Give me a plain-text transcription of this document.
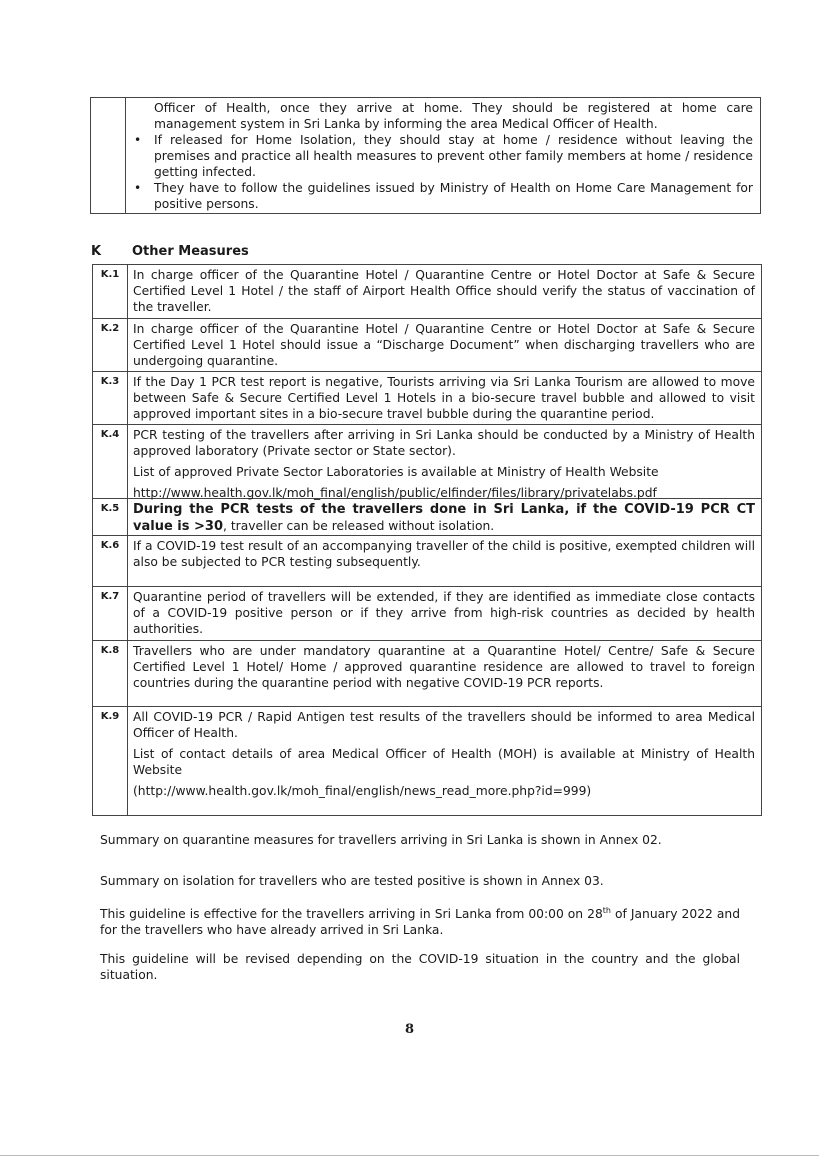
Officer of Health, once they arrive at home. They should be registered at home care management system in Sri Lanka by informing the area Medical Officer of Health.
• If released for Home Isolation, they should stay at home / residence without leaving the premises and practice all health measures to prevent other family members at home / residence getting infected.
• They have to follow the guidelines issued by Ministry of Health on Home Care Management for positive persons.
K Other Measures
K.1	In charge officer of the Quarantine Hotel / Quarantine Centre or Hotel Doctor at Safe & Secure Certified Level 1 Hotel / the staff of Airport Health Office should verify the status of vaccination of the traveller.
K.2	In charge officer of the Quarantine Hotel / Quarantine Centre or Hotel Doctor at Safe & Secure Certified Level 1 Hotel should issue a “Discharge Document” when discharging travellers who are undergoing quarantine.
K.3	If the Day 1 PCR test report is negative, Tourists arriving via Sri Lanka Tourism are allowed to move between Safe & Secure Certified Level 1 Hotels in a bio-secure travel bubble and allowed to visit approved important sites in a bio-secure travel bubble during the quarantine period.
K.4	PCR testing of the travellers after arriving in Sri Lanka should be conducted by a Ministry of Health approved laboratory (Private sector or State sector).

List of approved Private Sector Laboratories is available at Ministry of Health Website

http://www.health.gov.lk/moh_final/english/public/elfinder/files/library/privatelabs.pdf

K.5	During the PCR tests of the travellers done in Sri Lanka, if the COVID-19 PCR CT value is >30, traveller can be released without isolation.
K.6	If a COVID-19 test result of an accompanying traveller of the child is positive, exempted children will also be subjected to PCR testing subsequently.
K.7	Quarantine period of travellers will be extended, if they are identified as immediate close contacts of a COVID-19 positive person or if they arrive from high-risk countries as decided by health authorities.
K.8	Travellers who are under mandatory quarantine at a Quarantine Hotel/ Centre/ Safe & Secure Certified Level 1 Hotel/ Home / approved quarantine residence are allowed to travel to foreign countries during the quarantine period with negative COVID-19 PCR reports.
K.9	All COVID-19 PCR / Rapid Antigen test results of the travellers should be informed to area Medical Officer of Health.

List of contact details of area Medical Officer of Health (MOH) is available at Ministry of Health Website

(http://www.health.gov.lk/moh_final/english/news_read_more.php?id=999)

Summary on quarantine measures for travellers arriving in Sri Lanka is shown in Annex 02.
Summary on isolation for travellers who are tested positive is shown in Annex 03.
This guideline is effective for the travellers arriving in Sri Lanka from 00:00 on 28th of January 2022 and for the travellers who have already arrived in Sri Lanka.
This guideline will be revised depending on the COVID-19 situation in the country and the global situation.
8
